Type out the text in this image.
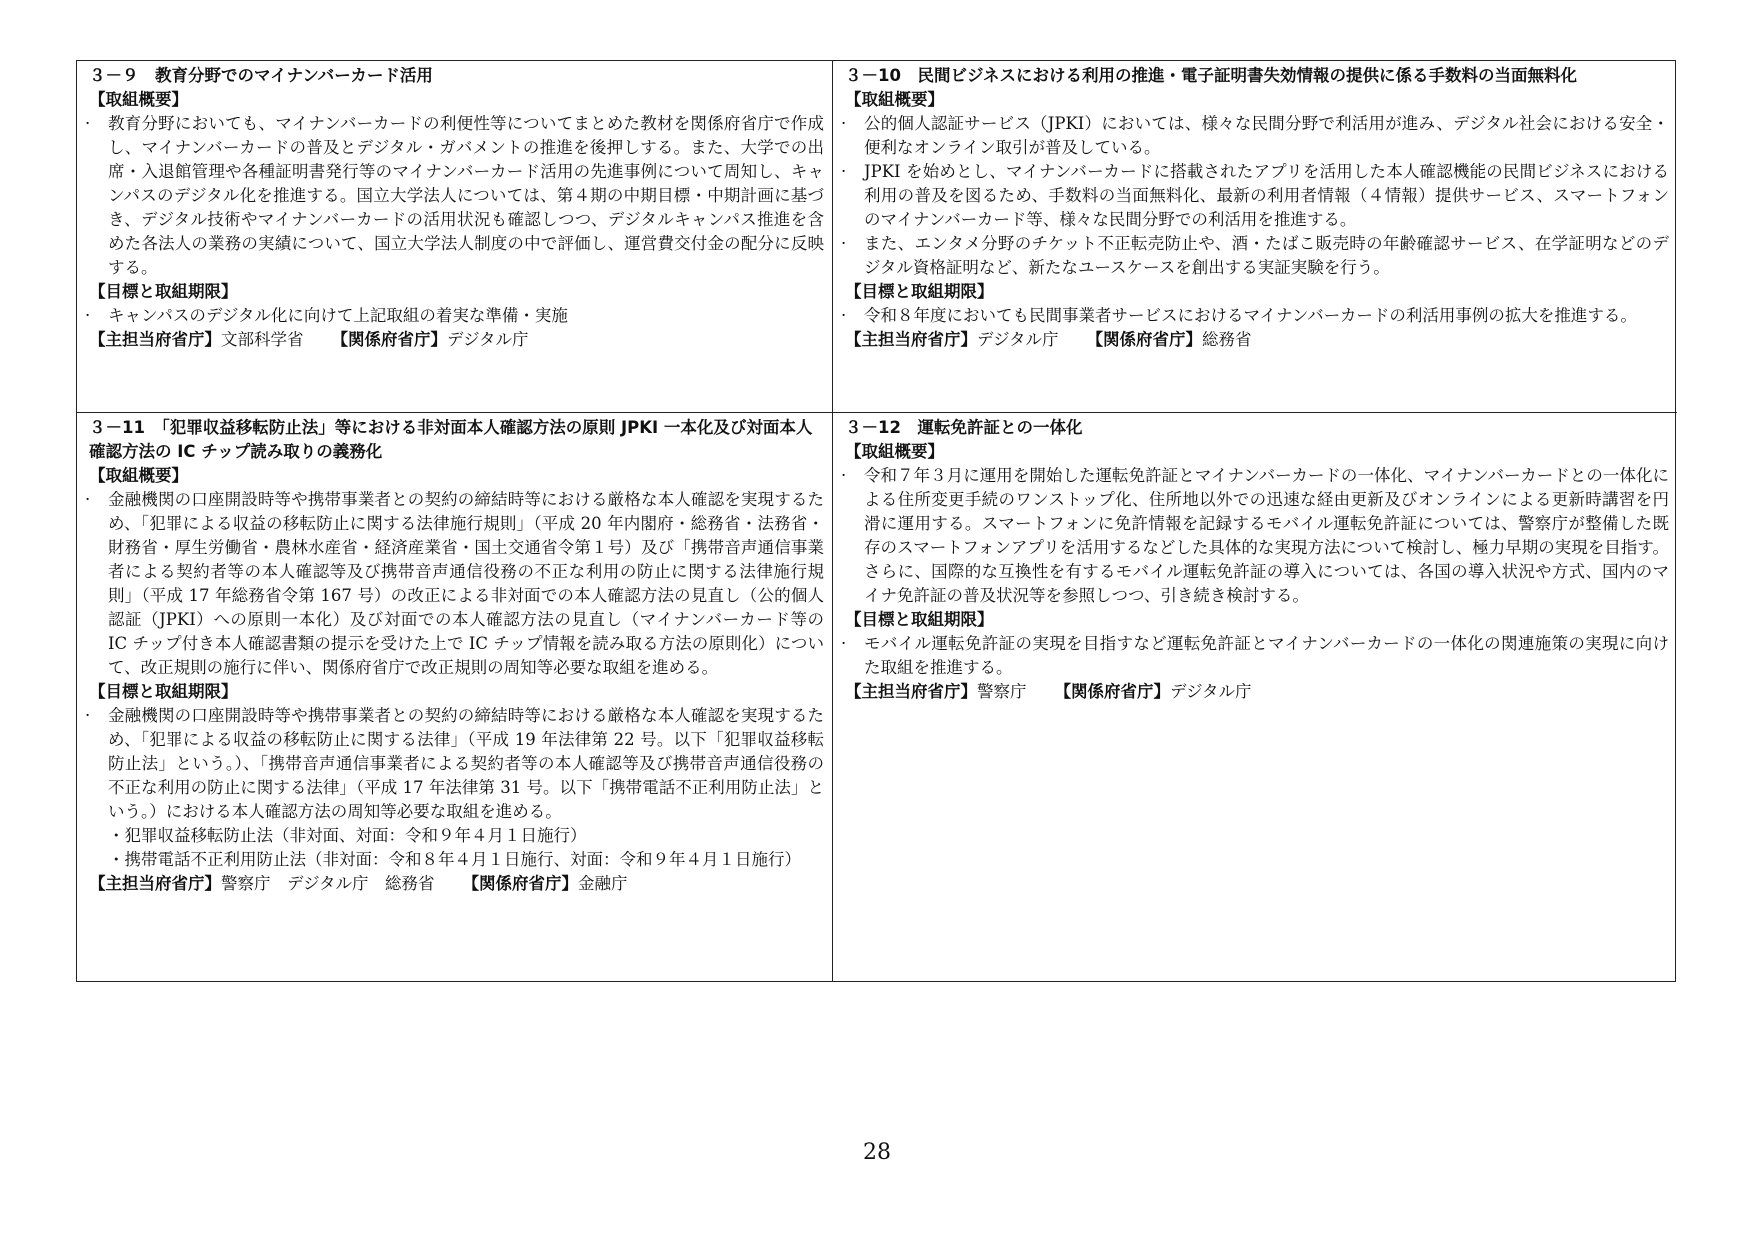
３－９　教育分野でのマイナンバーカード活用
【取組概要】
· 教育分野においても、マイナンバーカードの利便性等についてまとめた教材を関係府省庁で作成し、マイナンバーカードの普及とデジタル・ガバメントの推進を後押しする。また、大学での出席・入退館管理や各種証明書発行等のマイナンバーカード活用の先進事例について周知し、キャンパスのデジタル化を推進する。国立大学法人については、第４期の中期目標・中期計画に基づき、デジタル技術やマイナンバーカードの活用状況も確認しつつ、デジタルキャンパス推進を含めた各法人の業務の実績について、国立大学法人制度の中で評価し、運営費交付金の配分に反映する。
【目標と取組期限】
· キャンパスのデジタル化に向けて上記取組の着実な準備・実施
【主担当府省庁】文部科学省 【関係府省庁】デジタル庁
３－10　民間ビジネスにおける利用の推進・電子証明書失効情報の提供に係る手数料の当面無料化
【取組概要】
· 公的個人認証サービス（JPKI）においては、様々な民間分野で利活用が進み、デジタル社会における安全・便利なオンライン取引が普及している。
· JPKI を始めとし、マイナンバーカードに搭載されたアプリを活用した本人確認機能の民間ビジネスにおける利用の普及を図るため、手数料の当面無料化、最新の利用者情報（４情報）提供サービス、スマートフォンのマイナンバーカード等、様々な民間分野での利活用を推進する。
· また、エンタメ分野のチケット不正転売防止や、酒・たばこ販売時の年齢確認サービス、在学証明などのデジタル資格証明など、新たなユースケースを創出する実証実験を行う。
【目標と取組期限】
· 令和８年度においても民間事業者サービスにおけるマイナンバーカードの利活用事例の拡大を推進する。
【主担当府省庁】デジタル庁 【関係府省庁】総務省
３－11　「犯罪収益移転防止法」等における非対面本人確認方法の原則 JPKI 一本化及び対面本人確認方法の IC チップ読み取りの義務化
【取組概要】
· 金融機関の口座開設時等や携帯事業者との契約の締結時等における厳格な本人確認を実現するため、「犯罪による収益の移転防止に関する法律施行規則」（平成 20 年内閣府・総務省・法務省・財務省・厚生労働省・農林水産省・経済産業省・国土交通省令第１号）及び「携帯音声通信事業者による契約者等の本人確認等及び携帯音声通信役務の不正な利用の防止に関する法律施行規則」（平成 17 年総務省令第 167 号）の改正による非対面での本人確認方法の見直し（公的個人認証（JPKI）への原則一本化）及び対面での本人確認方法の見直し（マイナンバーカード等の IC チップ付き本人確認書類の提示を受けた上で IC チップ情報を読み取る方法の原則化）について、改正規則の施行に伴い、関係府省庁で改正規則の周知等必要な取組を進める。
【目標と取組期限】
· 金融機関の口座開設時等や携帯事業者との契約の締結時等における厳格な本人確認を実現するため、「犯罪による収益の移転防止に関する法律」（平成 19 年法律第 22 号。以下「犯罪収益移転防止法」という。）、「携帯音声通信事業者による契約者等の本人確認等及び携帯音声通信役務の不正な利用の防止に関する法律」（平成 17 年法律第 31 号。以下「携帯電話不正利用防止法」という。）における本人確認方法の周知等必要な取組を進める。
・犯罪収益移転防止法（非対面、対面：令和９年４月１日施行）
・携帯電話不正利用防止法（非対面：令和８年４月１日施行、対面：令和９年４月１日施行）
【主担当府省庁】警察庁　デジタル庁　総務省 【関係府省庁】金融庁
３－12　運転免許証との一体化
【取組概要】
· 令和７年３月に運用を開始した運転免許証とマイナンバーカードの一体化、マイナンバーカードとの一体化による住所変更手続のワンストップ化、住所地以外での迅速な経由更新及びオンラインによる更新時講習を円滑に運用する。スマートフォンに免許情報を記録するモバイル運転免許証については、警察庁が整備した既存のスマートフォンアプリを活用するなどした具体的な実現方法について検討し、極力早期の実現を目指す。さらに、国際的な互換性を有するモバイル運転免許証の導入については、各国の導入状況や方式、国内のマイナ免許証の普及状況等を参照しつつ、引き続き検討する。
【目標と取組期限】
· モバイル運転免許証の実現を目指すなど運転免許証とマイナンバーカードの一体化の関連施策の実現に向けた取組を推進する。
【主担当府省庁】警察庁 【関係府省庁】デジタル庁
28
